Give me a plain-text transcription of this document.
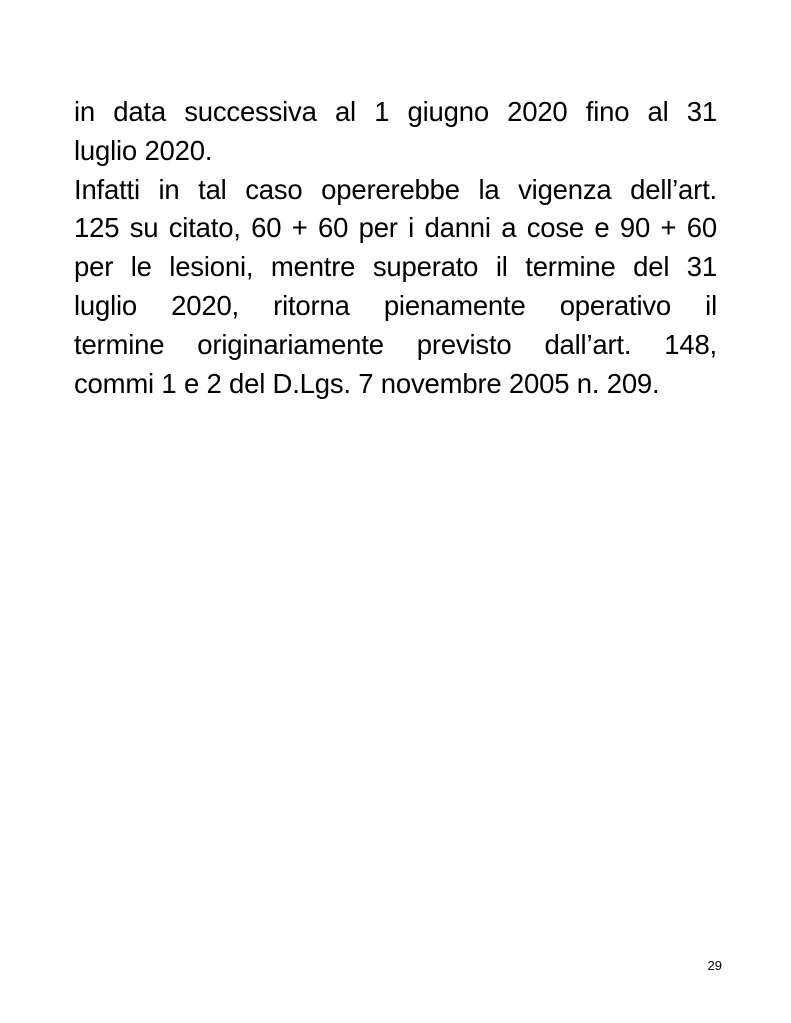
in data successiva al 1 giugno 2020 fino al 31
luglio 2020.
Infatti in tal caso opererebbe la vigenza dell’art.
125 su citato, 60 + 60 per i danni a cose e 90 + 60
per le lesioni, mentre superato il termine del 31
luglio 2020, ritorna pienamente operativo il
termine originariamente previsto dall’art. 148,
commi 1 e 2 del D.Lgs. 7 novembre 2005 n. 209.
29
